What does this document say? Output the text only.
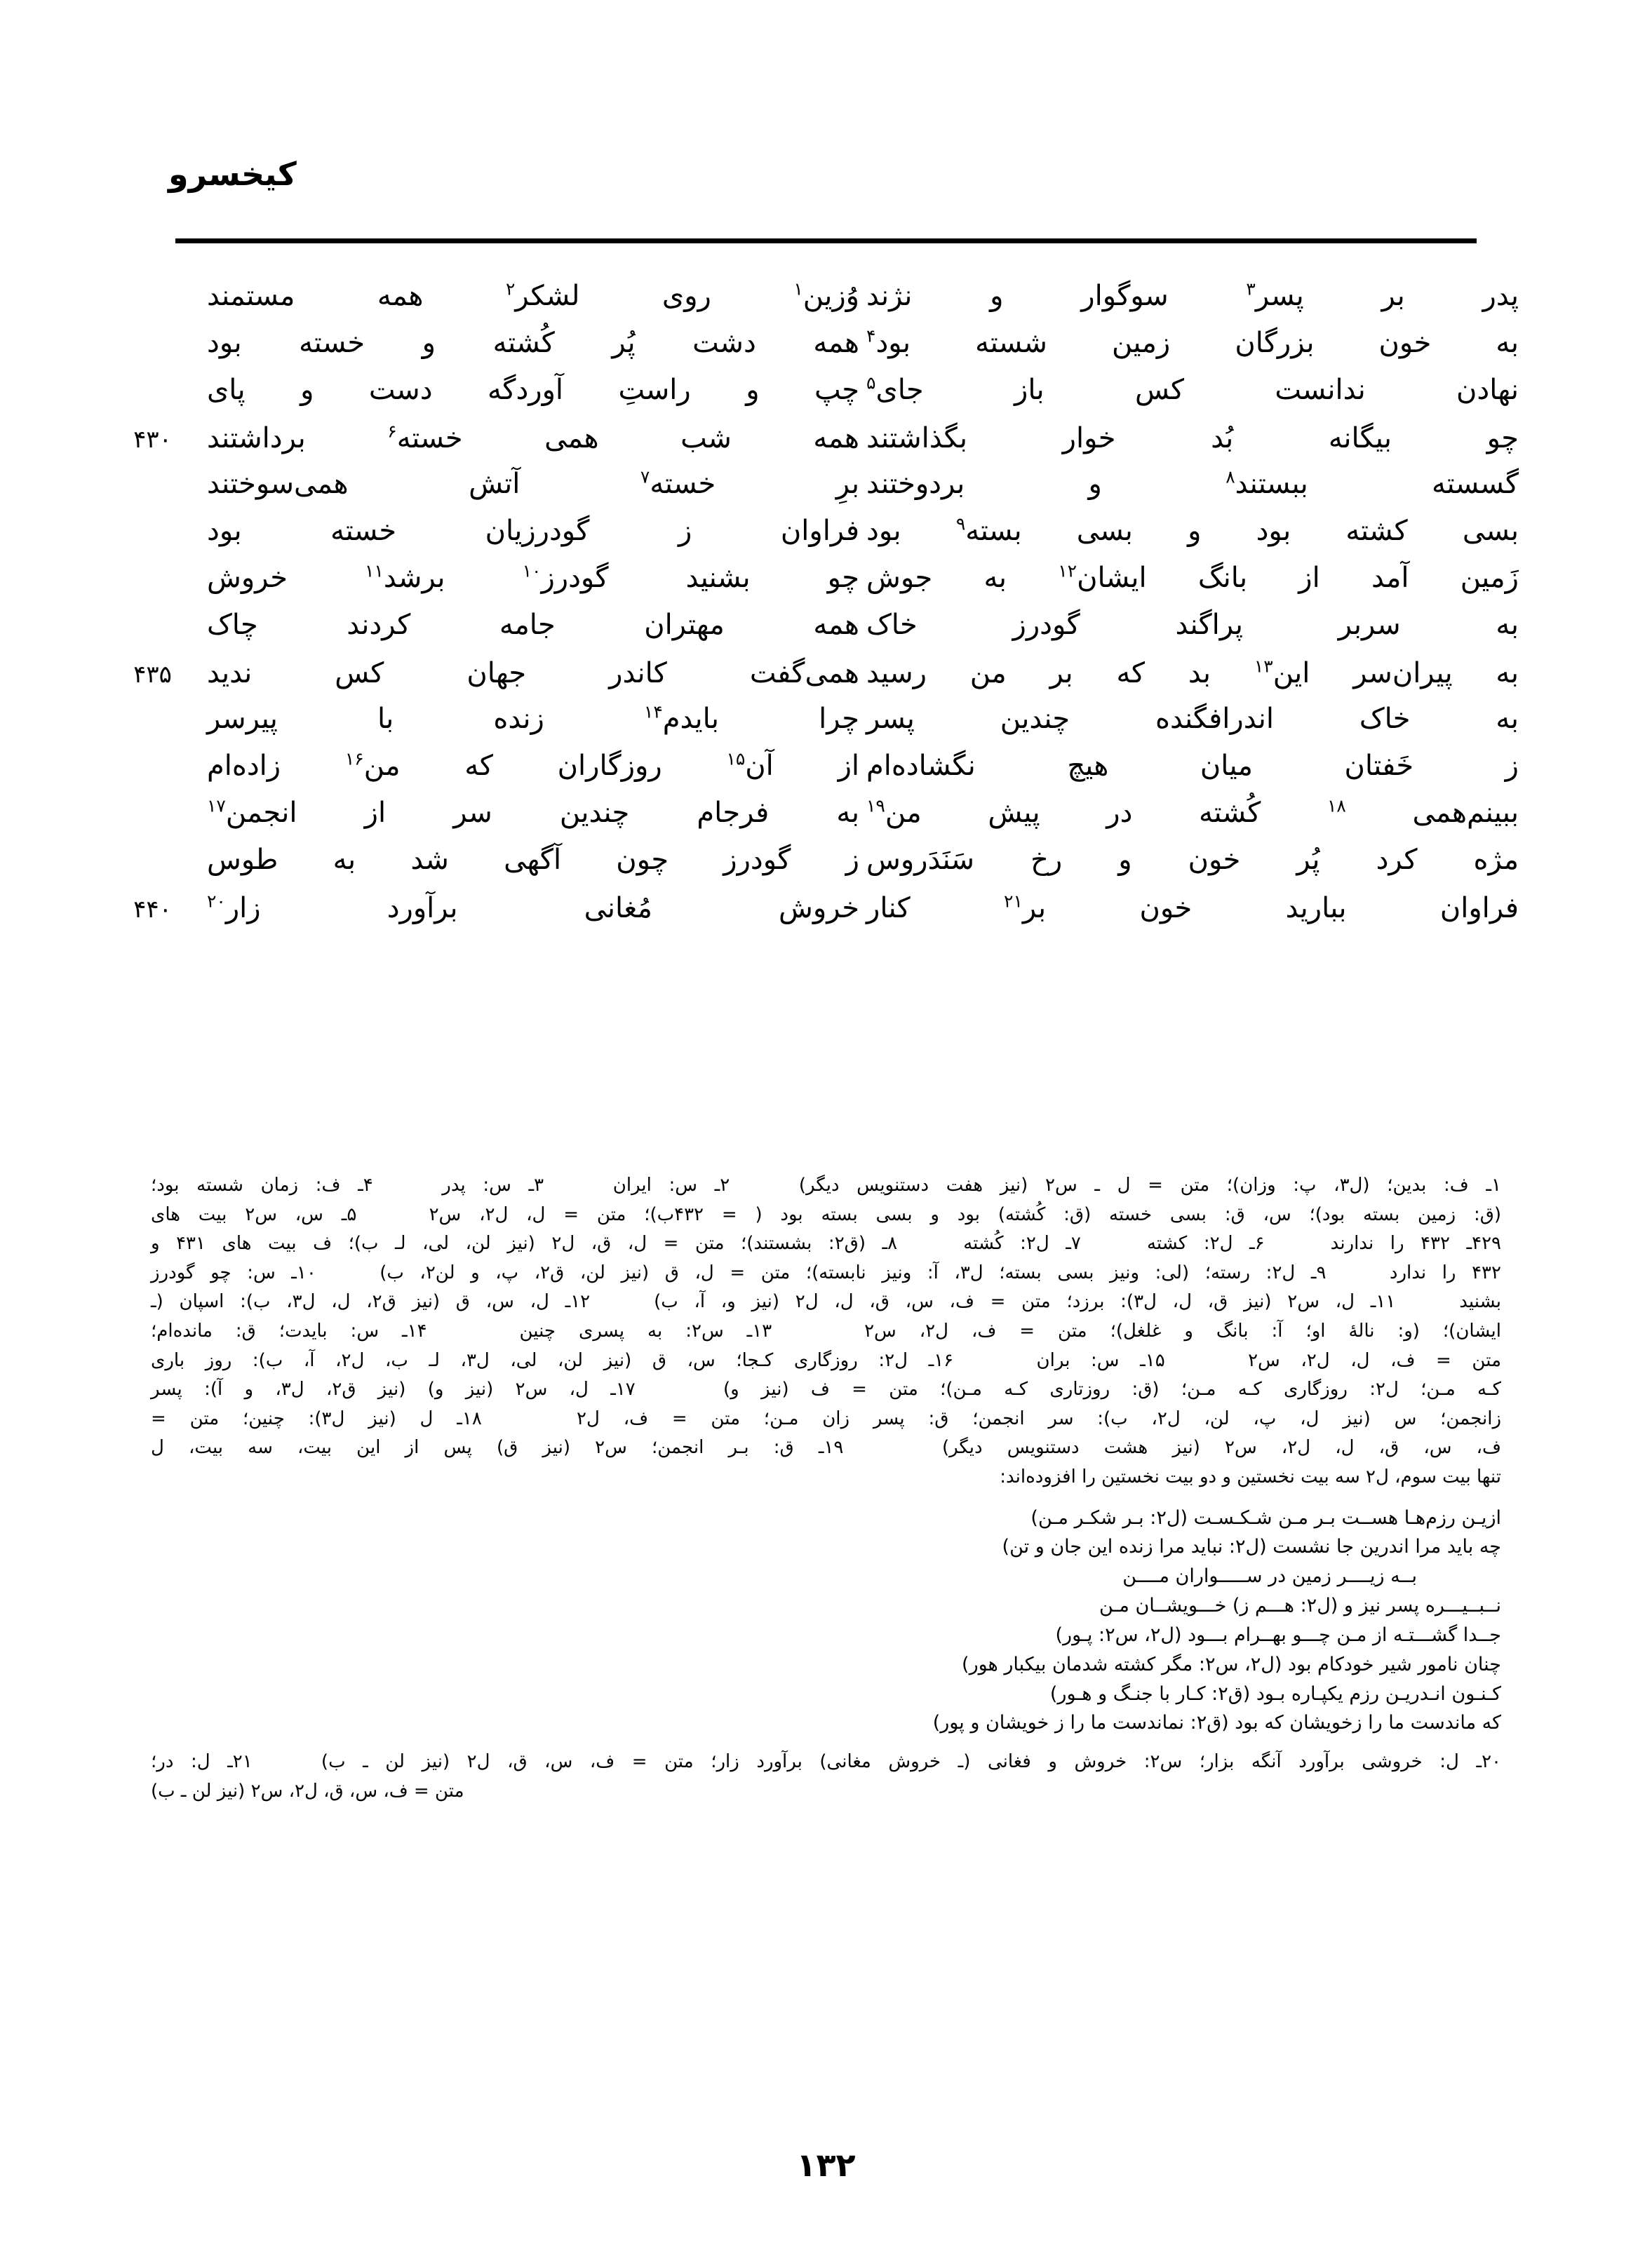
کیخسرو
پدر بر پسر$^۳$ سوگوار و نژند
وُزین$^۱$ روی لشکر$^۲$ همه مستمند
به خون بزرگان زمین شسته بود$^۴$
همه دشت پُر کُشته و خسته بود
نهادن ندانست کس باز جای$^۵$
چپ و راستِ آوردگه دست و پای
چو بیگانه بُد خوار بگذاشتند
همه شب همی خسته$^۶$ برداشتند
۴۳۰
گسسته ببستند$^۸$ و بردوختند
برِ خسته$^۷$ آتش همی‌سوختند
بسی کشته بود و بسی بسته$^۹$ بود
فراوان ز گودرزیان خسته بود
زَمین آمد از بانگ ایشان$^{۱۲}$ به جوش
چو بشنید گودرز$^{۱۰}$ برشد$^{۱۱}$ خروش
به سربر پراگند گودرز خاک
همه مهتران جامه کردند چاک
به پیران‌سر این$^{۱۳}$ بد که بر من رسید
همی‌گفت کاندر جهان کس ندید
۴۳۵
به خاک اندرافگنده چندین پسر
چرا بایدم$^{۱۴}$ زنده با پیرسر
ز خَفتان میان هیچ نگشاده‌ام
از آن$^{۱۵}$ روزگاران که من$^{۱۶}$ زاده‌ام
ببینم‌همی $^{۱۸}$ کُشته در پیش من$^{۱۹}$
به فرجام چندین سر از انجمن$^{۱۷}$
مژه کرد پُر خون و رخ سَنَدَروس
ز گودرز چون آگهی شد به طوس
فراوان ببارید خون بر$^{۲۱}$ کنار
خروش مُغانی برآورد زار$^{۲۰}$
۴۴۰
۱ـ ف: بدین؛ (ل۳، پ: وزان)؛ متن = ل ـ س۲ (نیز هفت دستنویس دیگر)    ۲ـ س: ایران    ۳ـ س: پدر    ۴ـ ف: زمان شسته بود؛
(ق: زمین بسته بود)؛ س، ق: بسی خسته (ق: کُشته) بود و بسی بسته بود ( = ۴۳۲ب)؛ متن = ل، ل۲، س۲    ۵ـ س، س۲ بیت های
۴۲۹ـ ۴۳۲ را ندارند    ۶ـ ل۲: کشته    ۷ـ ل۲: کُشته    ۸ـ (ق۲: بشستند)؛ متن = ل، ق، ل۲ (نیز لن، لی، لـ ب)؛ ف بیت های ۴۳۱ و
۴۳۲ را ندارد    ۹ـ ل۲: رسته؛ (لی: ونیز بسی بسته؛ ل۳، آ: ونیز نابسته)؛ متن = ل، ق (نیز لن، ق۲، پ، و لن۲، ب)    ۱۰ـ س: چو گودرز
بشنید    ۱۱ـ ل، س۲ (نیز ق، ل، ل۳): برزد؛ متن = ف، س، ق، ل، ل۲ (نیز و، آ، ب)    ۱۲ـ ل، س، ق (نیز ق۲، ل، ل۳، ب): اسپان (ـ
ایشان)؛ (و: نالهٔ او؛ آ: بانگ و غلغل)؛ متن = ف، ل۲، س۲    ۱۳ـ س۲: به پسری چنین    ۱۴ـ س: بایدت؛ ق: مانده‌ام؛
متن = ف، ل، ل۲، س۲    ۱۵ـ س: بران    ۱۶ـ ل۲: روزگاری کـجا؛ س، ق (نیز لن، لی، ل۳، لـ ب، ل۲، آ، ب): روز باری
کـه مـن؛ ل۲: روزگاری کـه مـن؛ (ق: روزتاری کـه مـن)؛ متن = ف (نیز و)    ۱۷ـ ل، س۲ (نیز و) (نیز ق۲، ل۳، و آ): پسر
زانجمن؛ س (نیز ل، پ، لن، ل۲، ب): سر انجمن؛ ق: پسر زان مـن؛ متن = ف، ل۲    ۱۸ـ ل (نیز ل۳): چنین؛ متن =
ف، س، ق، ل، ل۲، س۲ (نیز هشت دستنویس دیگر)    ۱۹ـ ق: بـر انجمن؛ س۲ (نیز ق) پس از این بیت، سه بیت، ل
تنها بیت سوم، ل۲ سه بیت نخستین و دو بیت نخستین را افزوده‌اند:
ازیـن رزم‌هـا هســت بـر مـن شـکـسـت (ل۲: بـر شکـر مـن)
چه باید مرا اندرین جا نشست (ل۲: نباید مرا زنده این جان و تن)
بــه زیــــر زمین در ســـــواران مــــن
نــبــیـــره پسر نیز و (ل۲: هـــم ز) خـــویشــان مـن
جــدا گشـــتـه از مـن چـــو بهــرام بـــود (ل۲، س۲: پـور)
چنان نامور شیر خودکام بود (ل۲، س۲: مگر کشته شدمان بیکبار هور)
کـنـون انـدریـن رزم یکپـاره بـود (ق۲: کـار با جنـگ و هـور)
که ماندست ما را زخویشان که بود (ق۲: نماندست ما را ز خویشان و پور)
۲۰ـ ل: خروشی برآورد آنگه بزار؛ س۲: خروش و فغانی (ـ خروش مغانی) برآورد زار؛ متن = ف، س، ق، ل۲ (نیز لن ـ ب)    ۲۱ـ ل: در؛
متن = ف، س، ق، ل۲، س۲ (نیز لن ـ ب)
۱۳۲
